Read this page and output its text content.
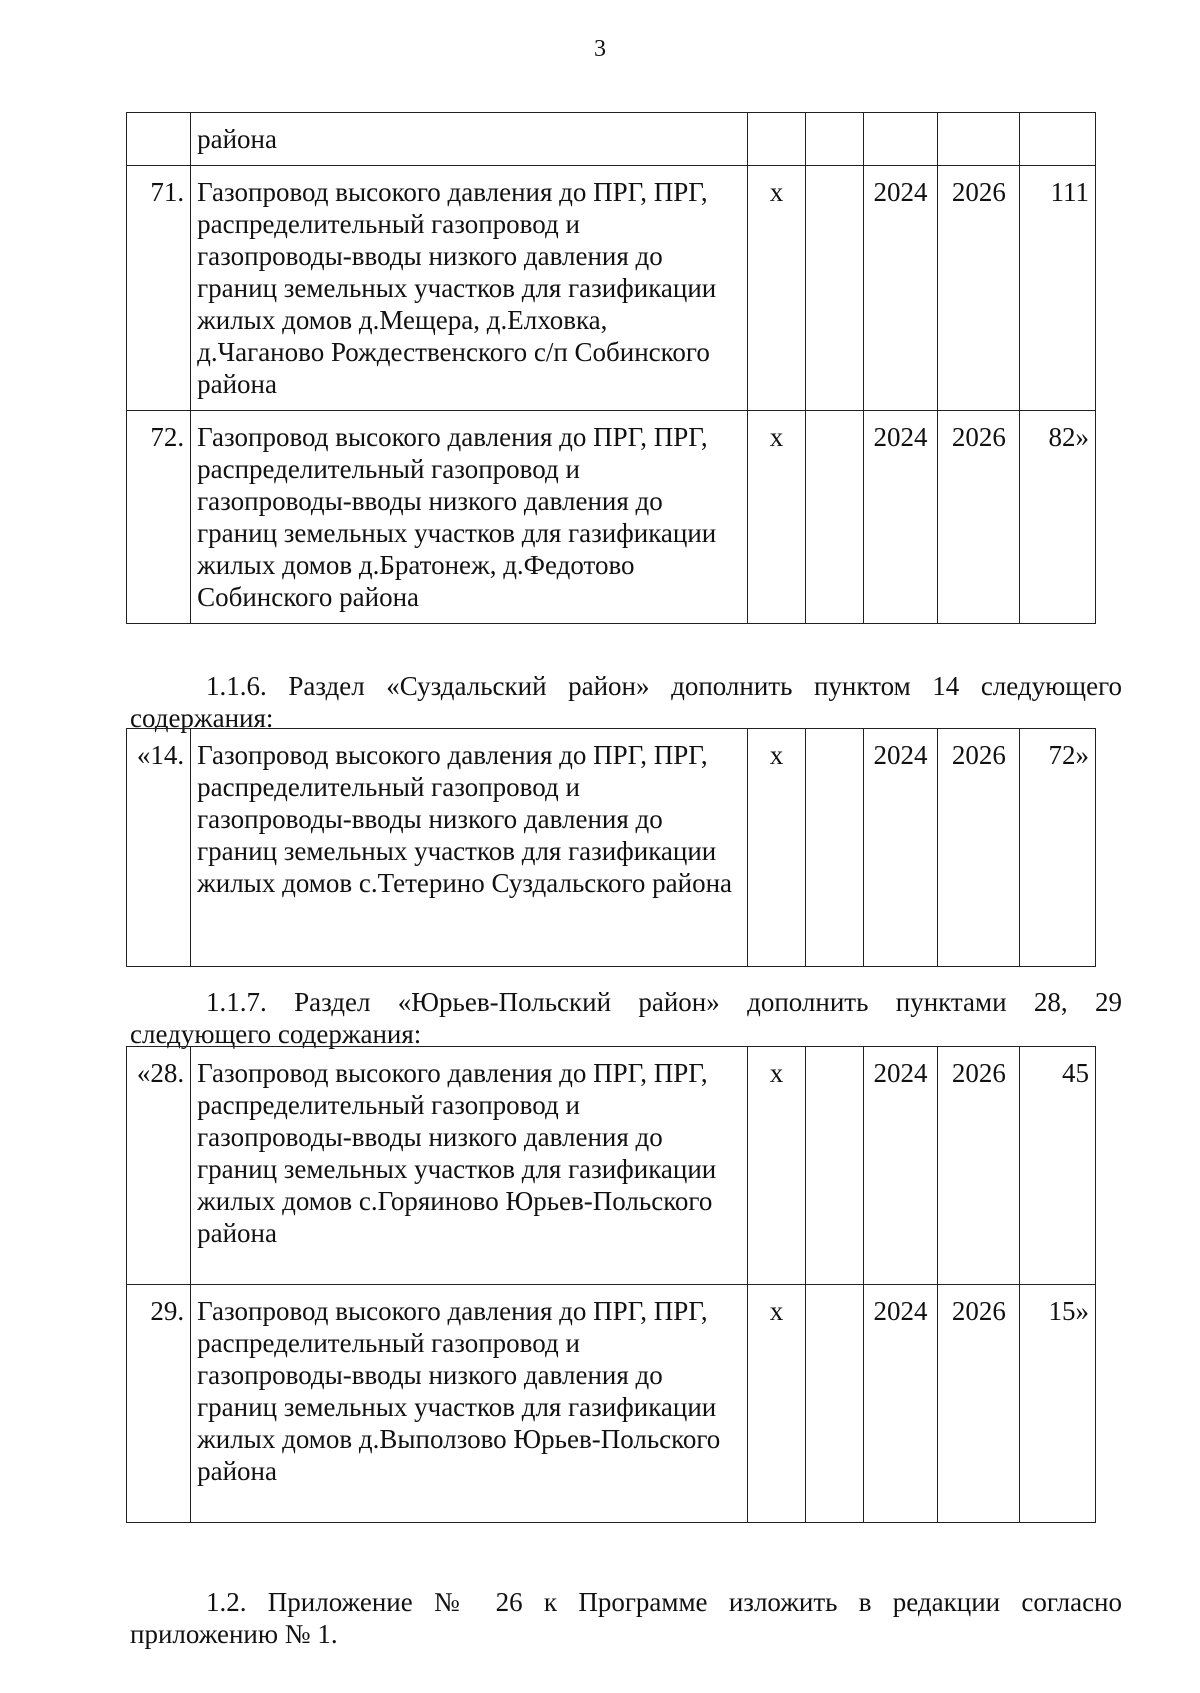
3
	района					
71.	Газопровод высокого давления до ПРГ, ПРГ, распределительный газопровод и газопроводы-вводы низкого давления до границ земельных участков для газификации жилых домов д.Мещера, д.Елховка, д.Чаганово Рождественского с/п Собинского района	х		2024	2026	111
72.	Газопровод высокого давления до ПРГ, ПРГ, распределительный газопровод и газопроводы-вводы низкого давления до границ земельных участков для газификации жилых домов д.Братонеж, д.Федотово Собинского района	х		2024	2026	82»
1.1.6. Раздел «Суздальский район» дополнить пунктом 14 следующего содержания:
«14.	Газопровод высокого давления до ПРГ, ПРГ, распределительный газопровод и газопроводы-вводы низкого давления до границ земельных участков для газификации жилых домов с.Тетерино Суздальского района	х		2024	2026	72»
1.1.7. Раздел «Юрьев-Польский район» дополнить пунктами 28, 29 следующего содержания:
«28.	Газопровод высокого давления до ПРГ, ПРГ, распределительный газопровод и газопроводы-вводы низкого давления до границ земельных участков для газификации жилых домов с.Горяиново Юрьев-Польского района	х		2024	2026	45
29.	Газопровод высокого давления до ПРГ, ПРГ, распределительный газопровод и газопроводы-вводы низкого давления до границ земельных участков для газификации жилых домов д.Выползово Юрьев-Польского района	х		2024	2026	15»
1.2. Приложение № 26 к Программе изложить в редакции согласно приложению № 1.
